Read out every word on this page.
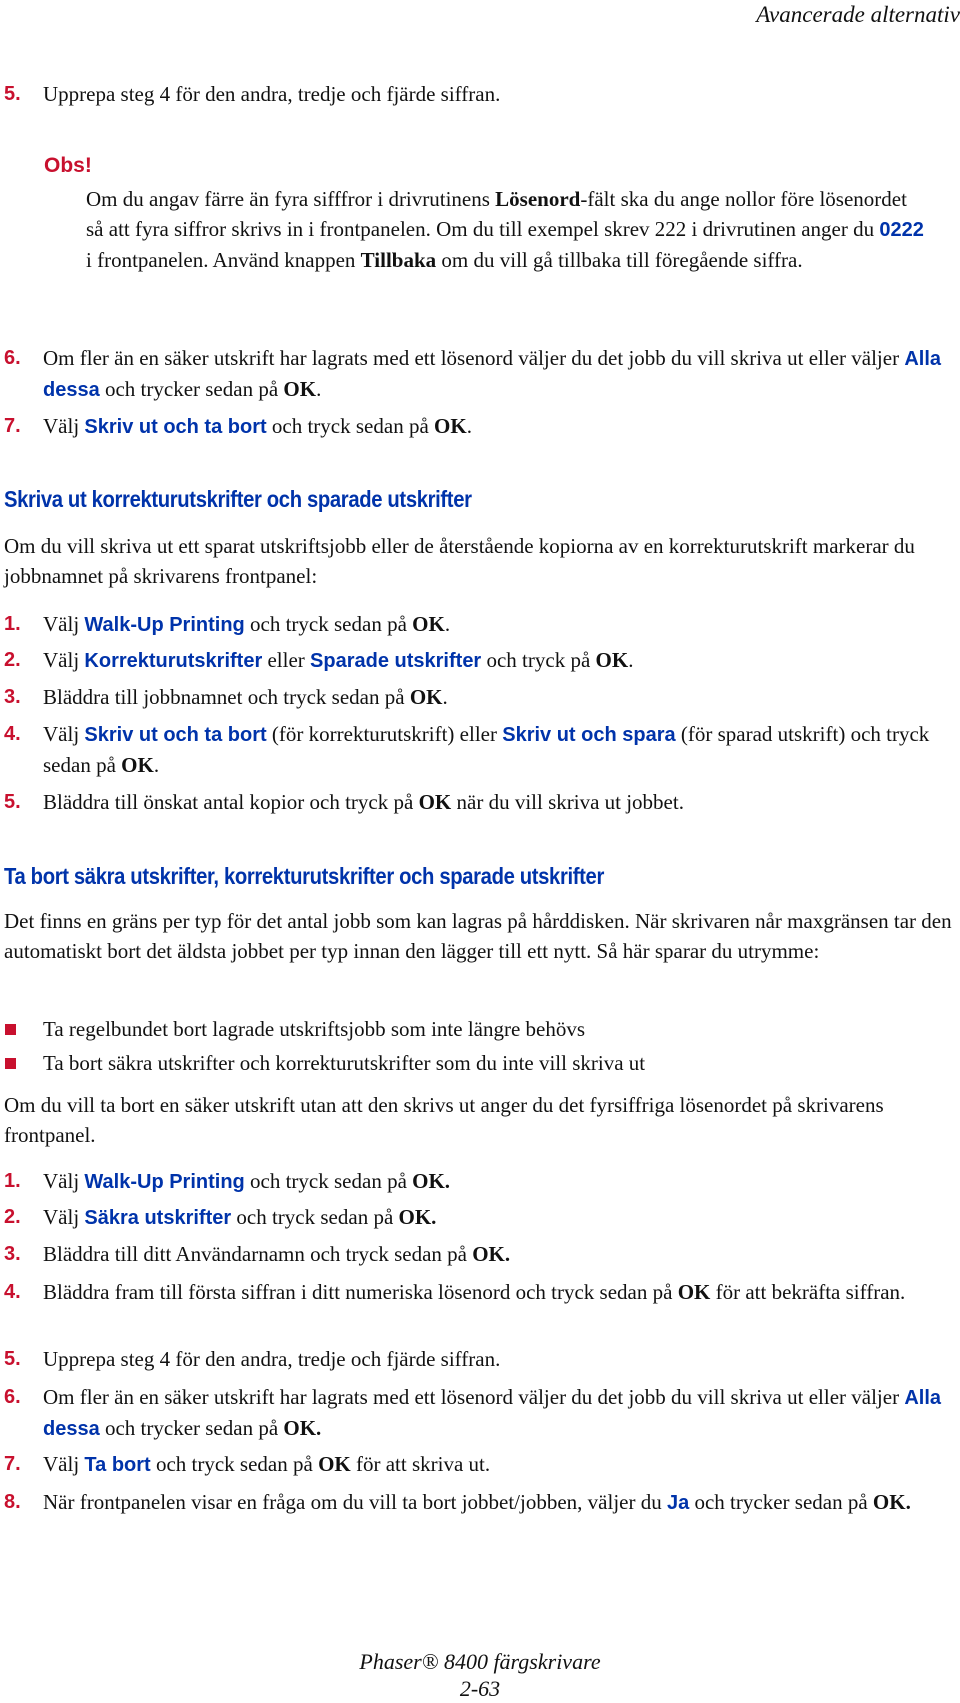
Avancerade alternativ
5. Upprepa steg 4 för den andra, tredje och fjärde siffran.
Obs!
Om du angav färre än fyra sifffror i drivrutinens Lösenord-fält ska du ange nollor före lösenordet så att fyra siffror skrivs in i frontpanelen. Om du till exempel skrev 222 i drivrutinen anger du 0222 i frontpanelen. Använd knappen Tillbaka om du vill gå tillbaka till föregående siffra.
6. Om fler än en säker utskrift har lagrats med ett lösenord väljer du det jobb du vill skriva ut eller väljer Alla dessa och trycker sedan på OK.
7. Välj Skriv ut och ta bort och tryck sedan på OK.
Skriva ut korrekturutskrifter och sparade utskrifter
Om du vill skriva ut ett sparat utskriftsjobb eller de återstående kopiorna av en korrekturutskrift markerar du jobbnamnet på skrivarens frontpanel:
1. Välj Walk-Up Printing och tryck sedan på OK.
2. Välj Korrekturutskrifter eller Sparade utskrifter och tryck på OK.
3. Bläddra till jobbnamnet och tryck sedan på OK.
4. Välj Skriv ut och ta bort (för korrekturutskrift) eller Skriv ut och spara (för sparad utskrift) och tryck sedan på OK.
5. Bläddra till önskat antal kopior och tryck på OK när du vill skriva ut jobbet.
Ta bort säkra utskrifter, korrekturutskrifter och sparade utskrifter
Det finns en gräns per typ för det antal jobb som kan lagras på hårddisken. När skrivaren når maxgränsen tar den automatiskt bort det äldsta jobbet per typ innan den lägger till ett nytt. Så här sparar du utrymme:
Ta regelbundet bort lagrade utskriftsjobb som inte längre behövs
Ta bort säkra utskrifter och korrekturutskrifter som du inte vill skriva ut
Om du vill ta bort en säker utskrift utan att den skrivs ut anger du det fyrsiffriga lösenordet på skrivarens frontpanel.
1. Välj Walk-Up Printing och tryck sedan på OK.
2. Välj Säkra utskrifter och tryck sedan på OK.
3. Bläddra till ditt Användarnamn och tryck sedan på OK.
4. Bläddra fram till första siffran i ditt numeriska lösenord och tryck sedan på OK för att bekräfta siffran.
5. Upprepa steg 4 för den andra, tredje och fjärde siffran.
6. Om fler än en säker utskrift har lagrats med ett lösenord väljer du det jobb du vill skriva ut eller väljer Alla dessa och trycker sedan på OK.
7. Välj Ta bort och tryck sedan på OK för att skriva ut.
8. När frontpanelen visar en fråga om du vill ta bort jobbet/jobben, väljer du Ja och trycker sedan på OK.
Phaser® 8400 färgskrivare
2-63
